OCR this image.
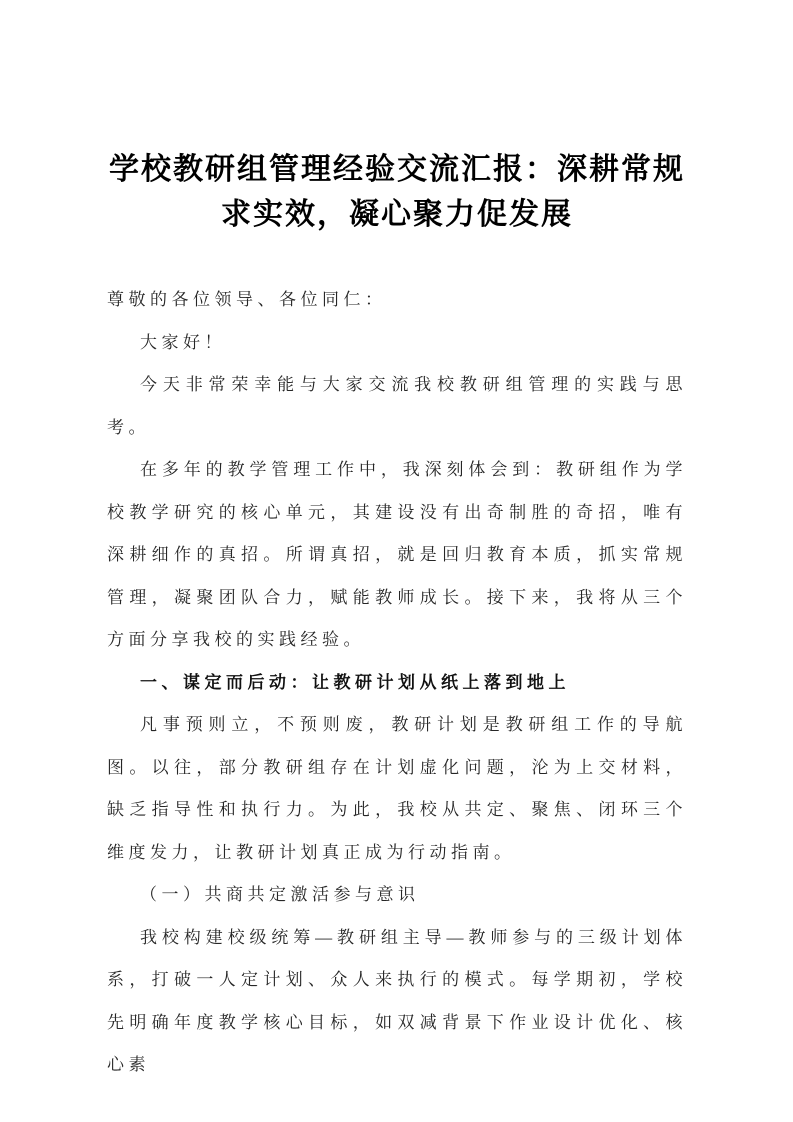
学校教研组管理经验交流汇报：深耕常规求实效，凝心聚力促发展

尊敬的各位领导、各位同仁：

大家好！

今天非常荣幸能与大家交流我校教研组管理的实践与思考。

在多年的教学管理工作中，我深刻体会到：教研组作为学校教学研究的核心单元，其建设没有出奇制胜的奇招，唯有深耕细作的真招。所谓真招，就是回归教育本质，抓实常规管理，凝聚团队合力，赋能教师成长。接下来，我将从三个方面分享我校的实践经验。

一、谋定而后动：让教研计划从纸上落到地上

凡事预则立，不预则废，教研计划是教研组工作的导航图。以往，部分教研组存在计划虚化问题，沦为上交材料，缺乏指导性和执行力。为此，我校从共定、聚焦、闭环三个维度发力，让教研计划真正成为行动指南。

（一）共商共定激活参与意识

我校构建校级统筹—教研组主导—教师参与的三级计划体系，打破一人定计划、众人来执行的模式。每学期初，学校先明确年度教学核心目标，如双减背景下作业设计优化、核心素
